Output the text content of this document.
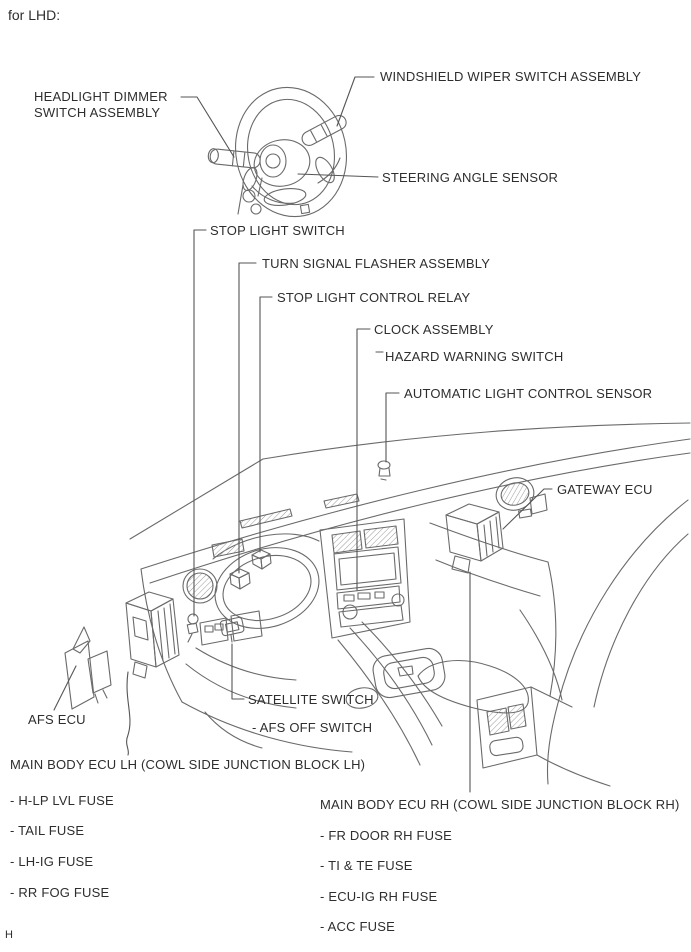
for LHD:
WINDSHIELD WIPER SWITCH ASSEMBLY
HEADLIGHT DIMMER SWITCH ASSEMBLY
STEERING ANGLE SENSOR
STOP LIGHT SWITCH
TURN SIGNAL FLASHER ASSEMBLY
STOP LIGHT CONTROL RELAY
CLOCK ASSEMBLY
HAZARD WARNING SWITCH
AUTOMATIC LIGHT CONTROL SENSOR
GATEWAY ECU
AFS ECU
SATELLITE SWITCH
- AFS OFF SWITCH
MAIN BODY ECU LH (COWL SIDE JUNCTION BLOCK LH)
- H-LP LVL FUSE
- TAIL FUSE
- LH-IG FUSE
- RR FOG FUSE
MAIN BODY ECU RH (COWL SIDE JUNCTION BLOCK RH)
- FR DOOR RH FUSE
- TI & TE FUSE
- ECU-IG RH FUSE
- ACC FUSE
H
